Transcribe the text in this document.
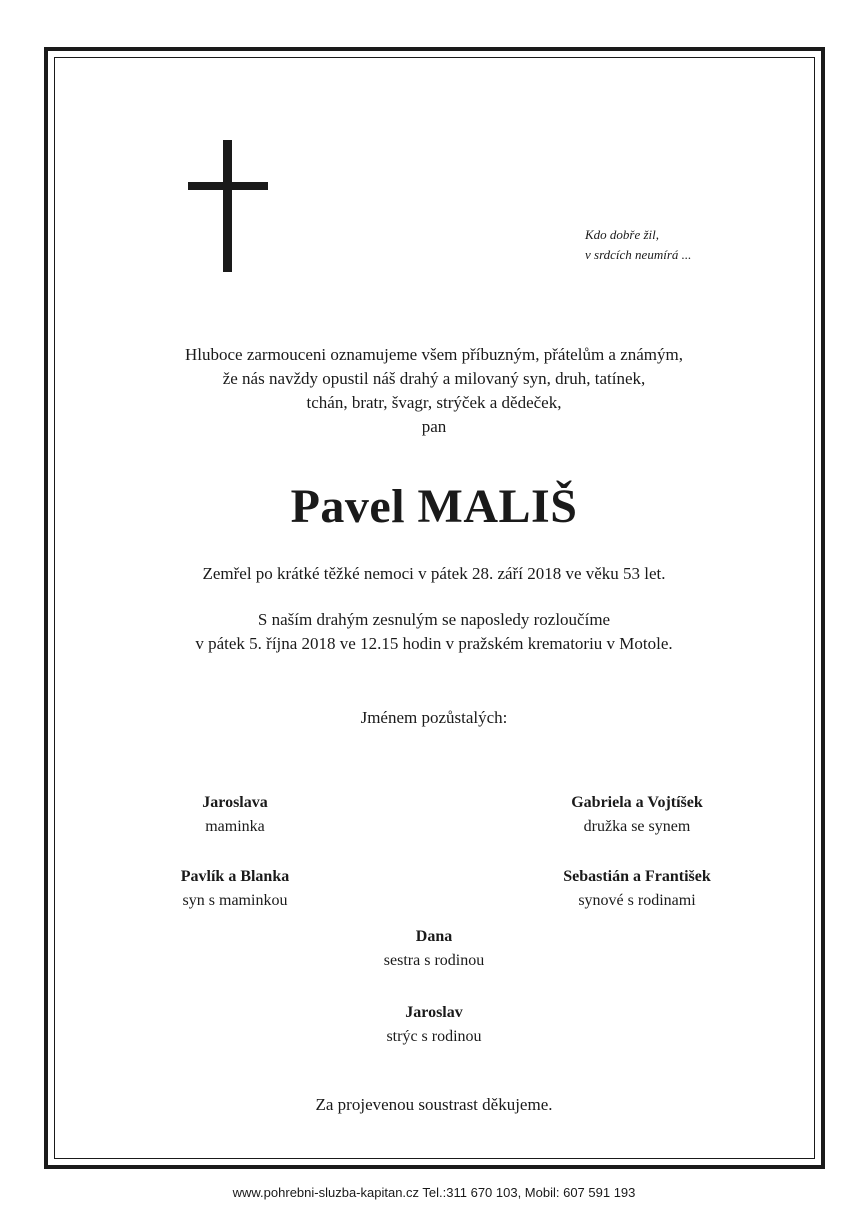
Kdo dobře žil,
v srdcích neumírá ...
Hluboce zarmouceni oznamujeme všem příbuzným, přátelům a známým,
že nás navždy opustil náš drahý a milovaný syn, druh, tatínek,
tchán, bratr, švagr, strýček a dědeček,
pan
Pavel MALIŠ
Zemřel po krátké těžké nemoci v pátek 28. září 2018 ve věku 53 let.
S naším drahým zesnulým se naposledy rozloučíme
v pátek 5. října 2018 ve 12.15 hodin v pražském krematoriu v Motole.
Jménem pozůstalých:
Jaroslava
maminka
Gabriela a Vojtíšek
družka se synem
Pavlík a Blanka
syn s maminkou
Sebastián a František
synové s rodinami
Dana
sestra s rodinou
Jaroslav
strýc s rodinou
Za projevenou soustrast děkujeme.
www.pohrebni-sluzba-kapitan.cz Tel.:311 670 103, Mobil: 607 591 193
